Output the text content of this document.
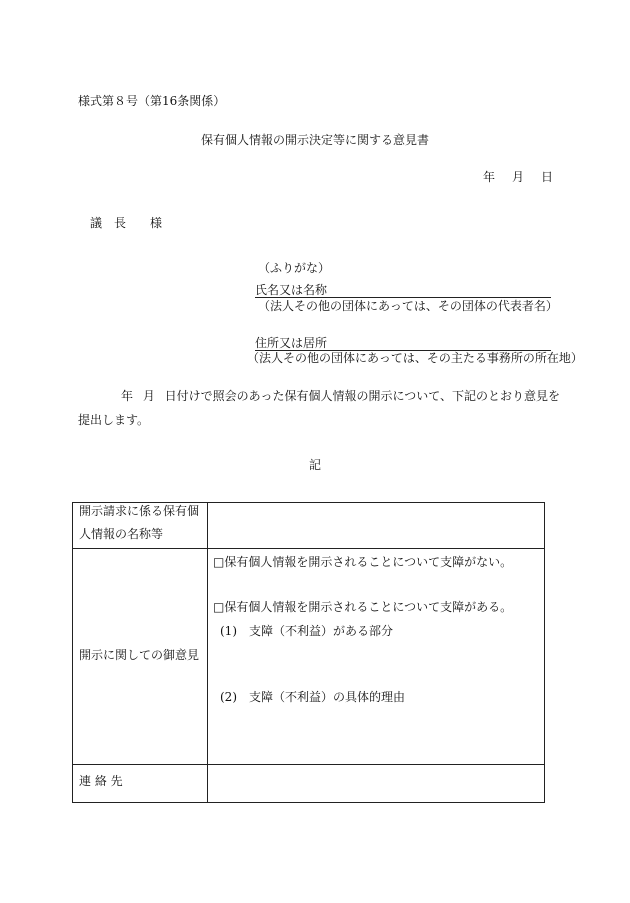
様式第８号（第16条関係）
保有個人情報の開示決定等に関する意見書
年 月 日
議　長　　様
（ふりがな）
氏名又は名称
（法人その他の団体にあっては、その団体の代表者名）
住所又は居所
（法人その他の団体にあっては、その主たる事務所の所在地）
年 月 日付けで照会のあった保有個人情報の開示について、下記のとおり意見を
提出します。
記
開示請求に係る保有個
人情報の名称等
開示に関しての御意見
□保有個人情報を開示されることについて支障がない。
□保有個人情報を開示されることについて支障がある。
(1)　支障（不利益）がある部分
(2)　支障（不利益）の具体的理由
連 絡 先
